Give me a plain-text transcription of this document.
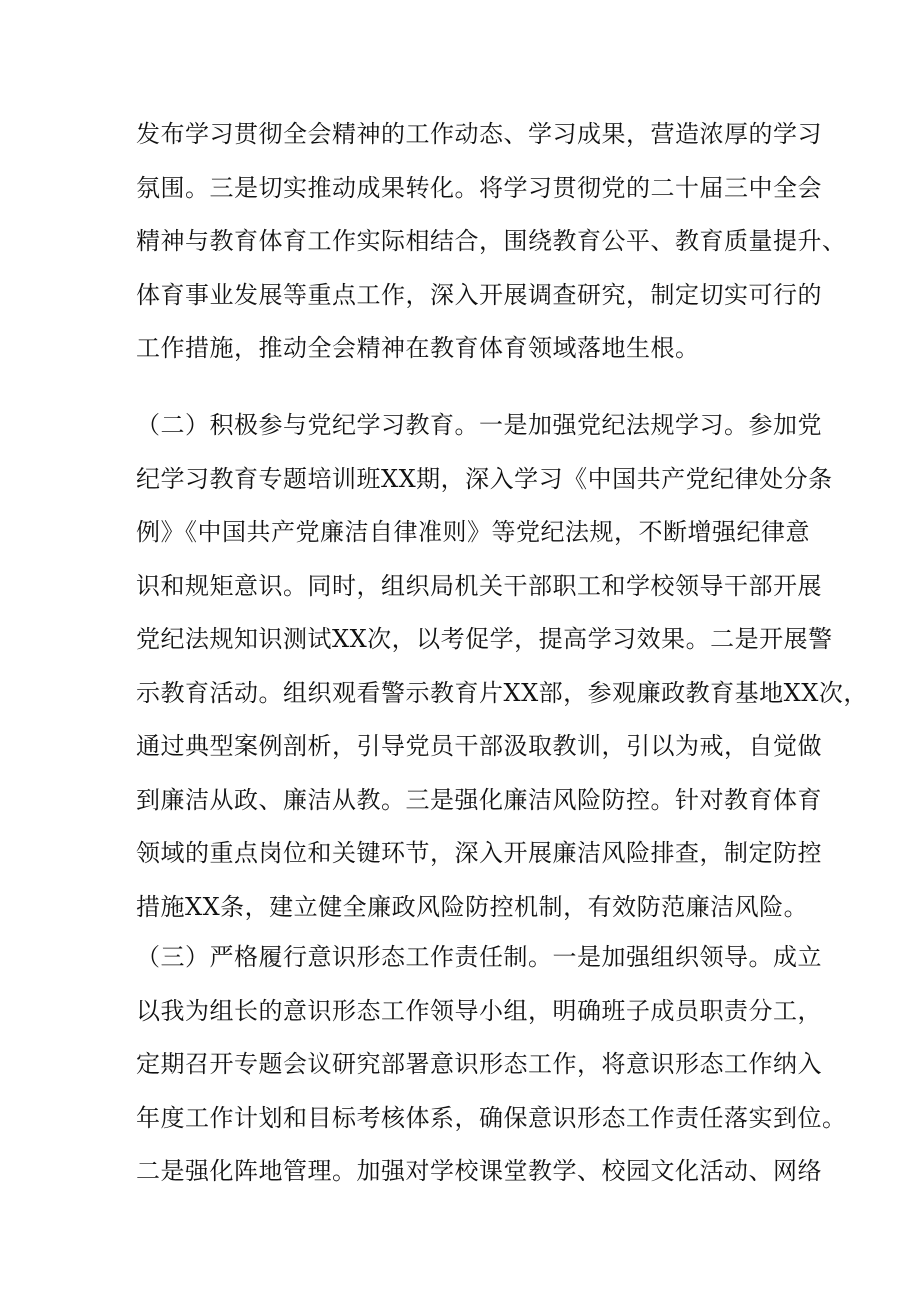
发布学习贯彻全会精神的工作动态、学习成果，营造浓厚的学习
氛围。三是切实推动成果转化。将学习贯彻党的二十届三中全会
精神与教育体育工作实际相结合，围绕教育公平、教育质量提升、
体育事业发展等重点工作，深入开展调查研究，制定切实可行的
工作措施，推动全会精神在教育体育领域落地生根。
（二）积极参与党纪学习教育。一是加强党纪法规学习。参加党
纪学习教育专题培训班XX期，深入学习《中国共产党纪律处分条
例》《中国共产党廉洁自律准则》等党纪法规，不断增强纪律意
识和规矩意识。同时，组织局机关干部职工和学校领导干部开展
党纪法规知识测试XX次，以考促学，提高学习效果。二是开展警
示教育活动。组织观看警示教育片XX部，参观廉政教育基地XX次，
通过典型案例剖析，引导党员干部汲取教训，引以为戒，自觉做
到廉洁从政、廉洁从教。三是强化廉洁风险防控。针对教育体育
领域的重点岗位和关键环节，深入开展廉洁风险排查，制定防控
措施XX条，建立健全廉政风险防控机制，有效防范廉洁风险。
（三）严格履行意识形态工作责任制。一是加强组织领导。成立
以我为组长的意识形态工作领导小组，明确班子成员职责分工，
定期召开专题会议研究部署意识形态工作，将意识形态工作纳入
年度工作计划和目标考核体系，确保意识形态工作责任落实到位。
二是强化阵地管理。加强对学校课堂教学、校园文化活动、网络
